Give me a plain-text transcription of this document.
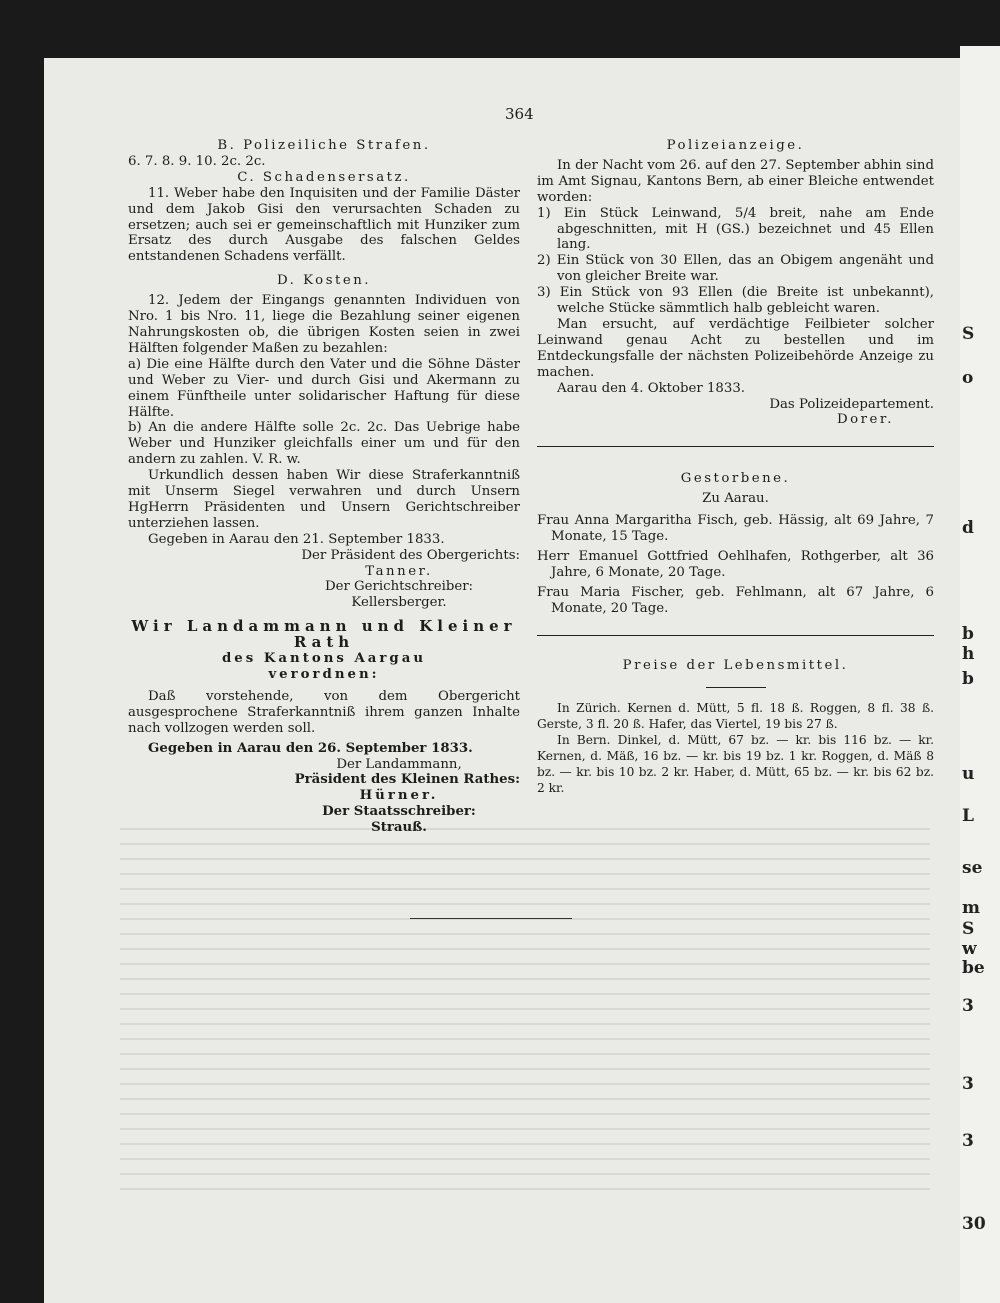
S
o
d
b
h
b
u
L
se
m
S
w
be
3
3
3
30
364
B. Polizeiliche Strafen.
6. 7. 8. 9. 10. 2c. 2c.
C. Schadensersatz.
11. Weber habe den Inquisiten und der Familie Däster und dem Jakob Gisi den verursachten Schaden zu ersetzen; auch sei er gemeinschaftlich mit Hunziker zum Ersatz des durch Ausgabe des falschen Geldes entstandenen Schadens verfällt.
D. Kosten.
12. Jedem der Eingangs genannten Individuen von Nro. 1 bis Nro. 11, liege die Bezahlung seiner eigenen Nahrungskosten ob, die übrigen Kosten seien in zwei Hälften folgender Maßen zu bezahlen:
a) Die eine Hälfte durch den Vater und die Söhne Däster und Weber zu Vier- und durch Gisi und Akermann zu einem Fünftheile unter solidarischer Haftung für diese Hälfte.
b) An die andere Hälfte solle 2c. 2c. Das Uebrige habe Weber und Hunziker gleichfalls einer um und für den andern zu zahlen. V. R. w.
Urkundlich dessen haben Wir diese Straferkanntniß mit Unserm Siegel verwahren und durch Unsern HgHerrn Präsidenten und Unsern Gerichtschreiber unterziehen lassen.
Gegeben in Aarau den 21. September 1833.
Der Präsident des Obergerichts:
Tanner.
Der Gerichtschreiber:
Kellersberger.
Wir Landammann und Kleiner Rath
des Kantons Aargau
verordnen:
Daß vorstehende, von dem Obergericht ausgesprochene Straferkanntniß ihrem ganzen Inhalte nach vollzogen werden soll.
Gegeben in Aarau den 26. September 1833.
Der Landammann,
Präsident des Kleinen Rathes:
Hürner.
Der Staatsschreiber:
Strauß.
Polizeianzeige.
In der Nacht vom 26. auf den 27. September abhin sind im Amt Signau, Kantons Bern, ab einer Bleiche entwendet worden:
1) Ein Stück Leinwand, 5/4 breit, nahe am Ende abgeschnitten, mit H (GS.) bezeichnet und 45 Ellen lang.
2) Ein Stück von 30 Ellen, das an Obigem angenäht und von gleicher Breite war.
3) Ein Stück von 93 Ellen (die Breite ist unbekannt), welche Stücke sämmtlich halb gebleicht waren.
Man ersucht, auf verdächtige Feilbieter solcher Leinwand genau Acht zu bestellen und im Entdeckungsfalle der nächsten Polizeibehörde Anzeige zu machen.
Aarau den 4. Oktober 1833.
Das Polizeidepartement.
Dorer.
Gestorbene.
Zu Aarau.
Frau Anna Margaritha Fisch, geb. Hässig, alt 69 Jahre, 7 Monate, 15 Tage.
Herr Emanuel Gottfried Oehlhafen, Rothgerber, alt 36 Jahre, 6 Monate, 20 Tage.
Frau Maria Fischer, geb. Fehlmann, alt 67 Jahre, 6 Monate, 20 Tage.
Preise der Lebensmittel.
In Zürich. Kernen d. Mütt, 5 fl. 18 ß. Roggen, 8 fl. 38 ß. Gerste, 3 fl. 20 ß. Hafer, das Viertel, 19 bis 27 ß.
In Bern. Dinkel, d. Mütt, 67 bz. — kr. bis 116 bz. — kr. Kernen, d. Mäß, 16 bz. — kr. bis 19 bz. 1 kr. Roggen, d. Mäß 8 bz. — kr. bis 10 bz. 2 kr. Haber, d. Mütt, 65 bz. — kr. bis 62 bz. 2 kr.
